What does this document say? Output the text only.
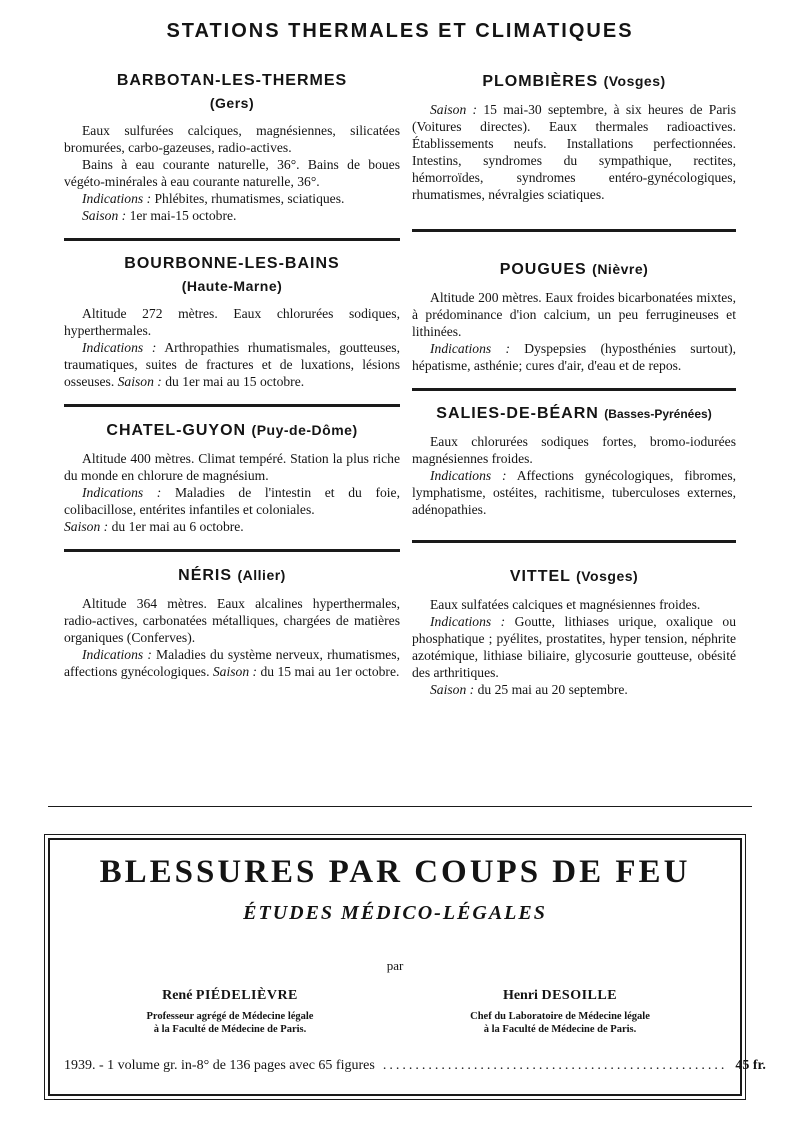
STATIONS THERMALES ET CLIMATIQUES
BARBOTAN-LES-THERMES
(Gers)

Eaux sulfurées calciques, magnésiennes, silicatées bromurées, carbo-gazeuses, radio-actives.

Bains à eau courante naturelle, 36°. Bains de boues végéto-minérales à eau courante naturelle, 36°.

Indications : Phlébites, rhumatismes, sciatiques.

Saison : 1er mai-15 octobre.

BOURBONNE-LES-BAINS
(Haute-Marne)

Altitude 272 mètres. Eaux chlorurées sodiques, hyperthermales.

Indications : Arthropathies rhumatismales, goutteuses, traumatiques, suites de fractures et de luxations, lésions osseuses. Saison : du 1er mai au 15 octobre.

CHATEL-GUYON (Puy-de-Dôme)

Altitude 400 mètres. Climat tempéré. Station la plus riche du monde en chlorure de magnésium.

Indications : Maladies de l'intestin et du foie, colibacillose, entérites infantiles et coloniales.
Saison : du 1er mai au 6 octobre.

NÉRIS (Allier)

Altitude 364 mètres. Eaux alcalines hyperthermales, radio-actives, carbonatées métalliques, chargées de matières organiques (Conferves).

Indications : Maladies du système nerveux, rhumatismes, affections gynécologiques. Saison : du 15 mai au 1er octobre.

PLOMBIÈRES (Vosges)

Saison : 15 mai-30 septembre, à six heures de Paris (Voitures directes). Eaux thermales radioactives. Établissements neufs. Installations perfectionnées. Intestins, syndromes du sympathique, rectites, hémorroïdes, syndromes entéro-gynécologiques, rhumatismes, névralgies sciatiques.

POUGUES (Nièvre)

Altitude 200 mètres. Eaux froides bicarbonatées mixtes, à prédominance d'ion calcium, un peu ferrugineuses et lithinées.

Indications : Dyspepsies (hyposthénies surtout), hépatisme, asthénie; cures d'air, d'eau et de repos.

SALIES-DE-BÉARN (Basses-Pyrénées)

Eaux chlorurées sodiques fortes, bromo-iodurées magnésiennes froides.

Indications : Affections gynécologiques, fibromes, lymphatisme, ostéites, rachitisme, tuberculoses externes, adénopathies.

VITTEL (Vosges)

Eaux sulfatées calciques et magnésiennes froides.

Indications : Goutte, lithiases urique, oxalique ou phosphatique ; pyélites, prostatites, hyper tension, néphrite azotémique, lithiase biliaire, glycosurie goutteuse, obésité des arthritiques.

Saison : du 25 mai au 20 septembre.

BLESSURES PAR COUPS DE FEU
ÉTUDES MÉDICO-LÉGALES
par
René PIÉDELIÈVRE
Professeur agrégé de Médecine légale
à la Faculté de Médecine de Paris.
Henri DESOILLE
Chef du Laboratoire de Médecine légale
à la Faculté de Médecine de Paris.
1939. - 1 volume gr. in-8° de 136 pages avec 65 figures ..................................................... 45 fr.
